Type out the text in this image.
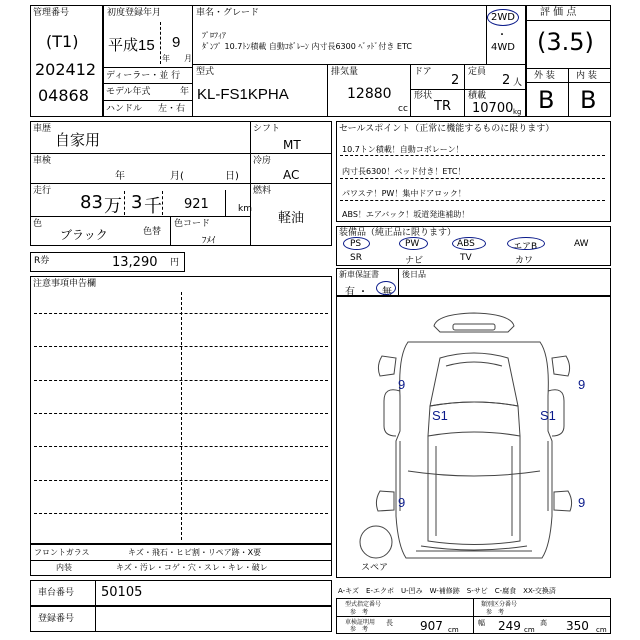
管理番号
(T1)
202412
04868
初度登録年月
平成15 9
年 月
車名・グレード
ﾌﾟﾛﾌｨｱ
ﾀﾞﾝﾌﾟ 10.7ﾄﾝ積載 自動ｺﾎﾞﾚｰﾝ 内寸長6300 ﾍﾞｯﾄﾞ付き ETC
2WD
・
4WD
ディーラー・並 行
モデル年式	年
ハンドル 左・右
型式
KL-FS1KPHA
排気量
12880
cc
ドア
2
定員
2 人
形状
TR
積載
10700 kg
評 価 点
(3.5)
外 装 内 装
B B
車歴
自家用
車検
年	月(	日)
走行
83 万 3 千 921	km
色
ブラック	色替
色コード
ﾌﾒｲ
シフト
MT
冷房
AC
燃料
軽油
R券	13,290 円
注意事項申告欄
セールスポイント（正常に機能するものに限ります）
10.7トン積載！自動コボレーン！
内寸長6300！ベッド付き！ETC！
パワステ！PW！集中ドアロック！
ABS！エアバック！坂道発進補助！
装備品（純正品に限ります）
PS	PW	ABS	エアB	AW
SR	ナビ	TV	カワ
新車保証書
有 ・ 無
後日品
9	9
S1	S1
9	9
スペア
フロントガラス	キズ・飛石・ヒビ割・リペア跡・X要
内装	キズ・汚レ・コゲ・穴・スレ・キレ・破レ
車台番号 50105
登録番号
A-キズ　E-エクボ　U-凹み　W-補修跡　S-サビ　C-腐食　XX-交換済
型式指定番号
参　考
類別区分番号
参　考
車検証明用
参　考
長 907 cm
幅 249 cm
高 350 cm
